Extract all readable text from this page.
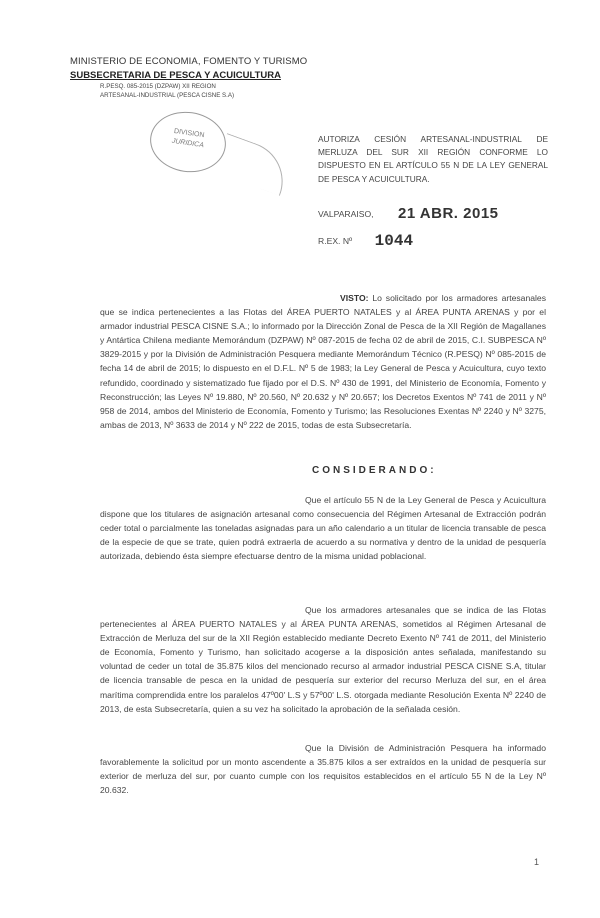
MINISTERIO DE ECONOMIA, FOMENTO Y TURISMO
SUBSECRETARIA DE PESCA Y ACUICULTURA
R.PESQ. 085-2015 (DZPAW) XII REGION
ARTESANAL-INDUSTRIAL (PESCA CISNE S.A)
DIVISION
JURIDICA	AUTORIZA CESIÓN ARTESANAL-INDUSTRIAL DE MERLUZA DEL SUR XII REGIÓN CONFORME LO DISPUESTO EN EL ARTÍCULO 55 N DE LA LEY GENERAL DE PESCA Y ACUICULTURA.
VALPARAISO, 21 ABR. 2015
R.EX. Nº 1044
VISTO: Lo solicitado por los armadores artesanales que se indica pertenecientes a las Flotas del ÁREA PUERTO NATALES y al ÁREA PUNTA ARENAS y por el armador industrial PESCA CISNE S.A.; lo informado por la Dirección Zonal de Pesca de la XII Región de Magallanes y Antártica Chilena mediante Memorándum (DZPAW) Nº 087-2015 de fecha 02 de abril de 2015, C.I. SUBPESCA Nº 3829-2015 y por la División de Administración Pesquera mediante Memorándum Técnico (R.PESQ) Nº 085-2015 de fecha 14 de abril de 2015; lo dispuesto en el D.F.L. Nº 5 de 1983; la Ley General de Pesca y Acuicultura, cuyo texto refundido, coordinado y sistematizado fue fijado por el D.S. Nº 430 de 1991, del Ministerio de Economía, Fomento y Reconstrucción; las Leyes Nº 19.880, Nº 20.560, Nº 20.632 y Nº 20.657; los Decretos Exentos Nº 741 de 2011 y Nº 958 de 2014, ambos del Ministerio de Economía, Fomento y Turismo; las Resoluciones Exentas Nº 2240 y Nº 3275, ambas de 2013, Nº 3633 de 2014 y Nº 222 de 2015, todas de esta Subsecretaría.
CONSIDERANDO:
Que el artículo 55 N de la Ley General de Pesca y Acuicultura dispone que los titulares de asignación artesanal como consecuencia del Régimen Artesanal de Extracción podrán ceder total o parcialmente las toneladas asignadas para un año calendario a un titular de licencia transable de pesca de la especie de que se trate, quien podrá extraerla de acuerdo a su normativa y dentro de la unidad de pesquería autorizada, debiendo ésta siempre efectuarse dentro de la misma unidad poblacional.
Que los armadores artesanales que se indica de las Flotas pertenecientes al ÁREA PUERTO NATALES y al ÁREA PUNTA ARENAS, sometidos al Régimen Artesanal de Extracción de Merluza del sur de la XII Región establecido mediante Decreto Exento Nº 741 de 2011, del Ministerio de Economía, Fomento y Turismo, han solicitado acogerse a la disposición antes señalada, manifestando su voluntad de ceder un total de 35.875 kilos del mencionado recurso al armador industrial PESCA CISNE S.A, titular de licencia transable de pesca en la unidad de pesquería sur exterior del recurso Merluza del sur, en el área marítima comprendida entre los paralelos 47º00' L.S y 57º00' L.S. otorgada mediante Resolución Exenta Nº 2240 de 2013, de esta Subsecretaría, quien a su vez ha solicitado la aprobación de la señalada cesión.
Que la División de Administración Pesquera ha informado favorablemente la solicitud por un monto ascendente a 35.875 kilos a ser extraídos en la unidad de pesquería sur exterior de merluza del sur, por cuanto cumple con los requisitos establecidos en el artículo 55 N de la Ley Nº 20.632.
1
